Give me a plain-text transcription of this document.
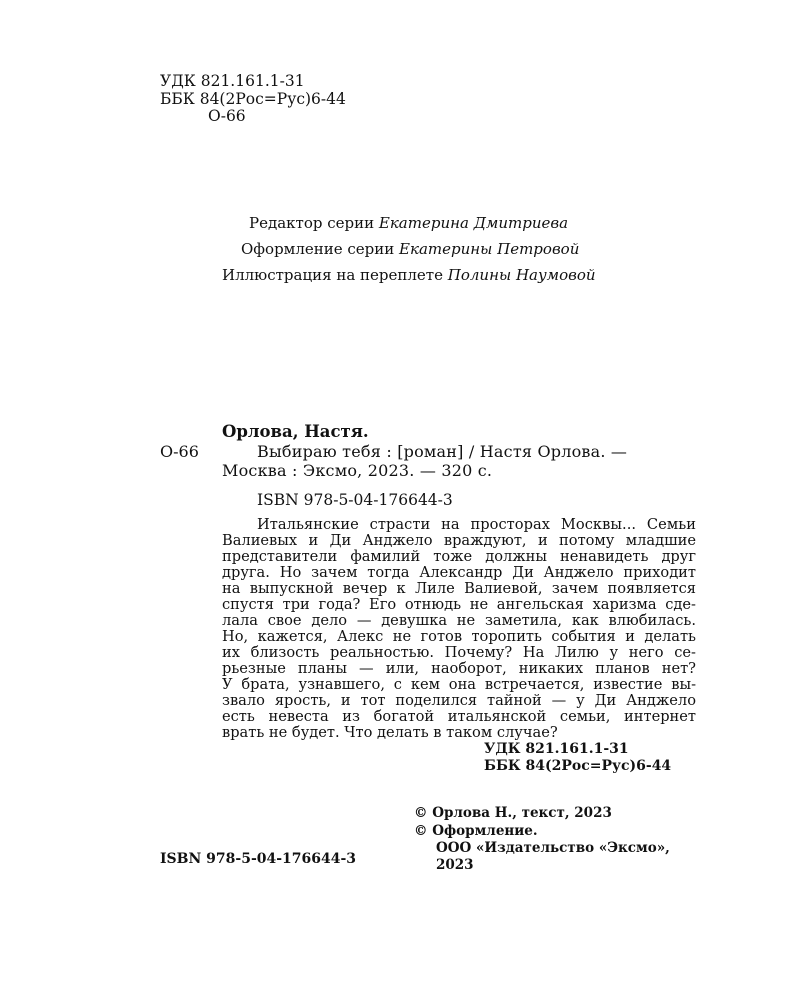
УДК 821.161.1-31
ББК 84(2Рос=Рус)6-44
О-66
Редактор серии Екатерина Дмитриева
Оформление серии Екатерины Петровой
Иллюстрация на переплете Полины Наумовой
Орлова, Настя.
О-66	Выбираю тебя : [роман] / Настя Орлова. —
Москва : Эксмо, 2023. — 320 с.
ISBN 978-5-04-176644-3
Итальянские страсти на просторах Москвы... Семьи
Валиевых и Ди Анджело враждуют, и потому младшие
представители фамилий тоже должны ненавидеть друг
друга. Но зачем тогда Александр Ди Анджело приходит
на выпускной вечер к Лиле Валиевой, зачем появляется
спустя три года? Его отнюдь не ангельская харизма сде-
лала свое дело — девушка не заметила, как влюбилась.
Но, кажется, Алекс не готов торопить события и делать
их близость реальностью. Почему? На Лилю у него се-
рьезные планы — или, наоборот, никаких планов нет?
У брата, узнавшего, с кем она встречается, известие вы-
звало ярость, и тот поделился тайной — у Ди Анджело
есть невеста из богатой итальянской семьи, интернет
врать не будет. Что делать в таком случае?
УДК 821.161.1-31
ББК 84(2Рос=Рус)6-44
© Орлова Н., текст, 2023
© Оформление.
ООО «Издательство «Эксмо»,
2023
ISBN 978-5-04-176644-3
